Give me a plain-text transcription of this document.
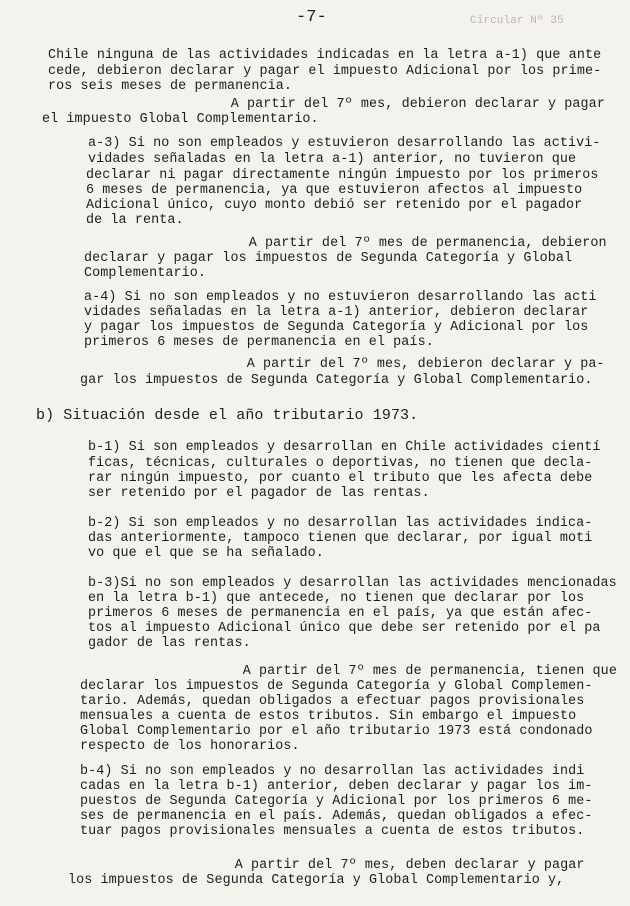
-7-	Circular Nº 35
Chile ninguna de las actividades indicadas en la letra a-1) que ante
cede, debieron declarar y pagar el impuesto Adicional por los prime-
ros seis meses de permanencia.
A partir del 7º mes, debieron declarar y pagar
el impuesto Global Complementario.
a-3) Si no son empleados y estuvieron desarrollando las activi-
vidades señaladas en la letra a-1) anterior, no tuvieron que
declarar ni pagar directamente ningún impuesto por los primeros
6 meses de permanencia, ya que estuvieron afectos al impuesto
Adicional único, cuyo monto debió ser retenido por el pagador
de la renta.
A partir del 7º mes de permanencia, debieron
declarar y pagar los impuestos de Segunda Categoría y Global
Complementario.
a-4) Si no son empleados y no estuvieron desarrollando las acti
vidades señaladas en la letra a-1) anterior, debieron declarar
y pagar los impuestos de Segunda Categoría y Adicional por los
primeros 6 meses de permanencia en el país.
A partir del 7º mes, debieron declarar y pa-
gar los impuestos de Segunda Categoría y Global Complementario.
b) Situación desde el año tributario 1973.
b-1) Si son empleados y desarrollan en Chile actividades cientí
ficas, técnicas, culturales o deportivas, no tienen que decla-
rar ningún impuesto, por cuanto el tributo que les afecta debe
ser retenido por el pagador de las rentas.
b-2) Si son empleados y no desarrollan las actividades indica-
das anteriormente, tampoco tienen que declarar, por igual moti
vo que el que se ha señalado.
b-3)Si no son empleados y desarrollan las actividades mencionadas
en la letra b-1) que antecede, no tienen que declarar por los
primeros 6 meses de permanencia en el país, ya que están afec-
tos al impuesto Adicional único que debe ser retenido por el pa
gador de las rentas.
A partir del 7º mes de permanencia, tienen que
declarar los impuestos de Segunda Categoría y Global Complemen-
tario. Además, quedan obligados a efectuar pagos provisionales
mensuales a cuenta de estos tributos. Sin embargo el impuesto
Global Complementario por el año tributario 1973 está condonado
respecto de los honorarios.
b-4) Si no son empleados y no desarrollan las actividades indi
cadas en la letra b-1) anterior, deben declarar y pagar los im-
puestos de Segunda Categoría y Adicional por los primeros 6 me-
ses de permanencia en el país. Además, quedan obligados a efec-
tuar pagos provisionales mensuales a cuenta de estos tributos.
A partir del 7º mes, deben declarar y pagar
los impuestos de Segunda Categoría y Global Complementario y,
